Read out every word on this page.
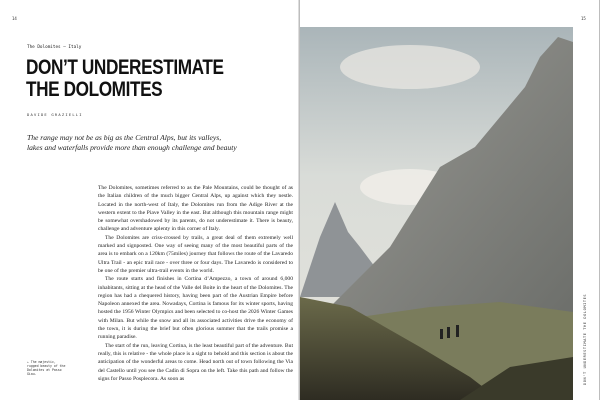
14
The Dolomites — Italy
DON’T UNDERESTIMATE
THE DOLOMITES
DAVIDE GRAZIELLI
The range may not be as big as the Central Alps, but its valleys, lakes and waterfalls provide more than enough challenge and beauty

The Dolomites, sometimes referred to as the Pale Mountains, could be thought of as the Italian children of the much bigger Central Alps, up against which they nestle. Located in the north-west of Italy, the Dolomites run from the Adige River at the western extent to the Piave Valley in the east. But although this mountain range might be somewhat overshadowed by its parents, do not underestimate it. There is beauty, challenge and adventure aplenty in this corner of Italy.

The Dolomites are criss-crossed by trails, a great deal of them extremely well marked and signposted. One way of seeing many of the most beautiful parts of the area is to embark on a 120km (75miles) journey that follows the route of the Lavaredo Ultra Trail - an epic trail race - over three or four days. The Lavaredo is considered to be one of the premier ultra-trail events in the world.

The route starts and finishes in Cortina d’Ampezzo, a town of around 6,000 inhabitants, sitting at the head of the Valle del Boite in the heart of the Dolomites. The region has had a chequered history, having been part of the Austrian Empire before Napoleon annexed the area. Nowadays, Cortina is famous for its winter sports, having hosted the 1956 Winter Olympics and been selected to co-host the 2026 Winter Games with Milan. But while the snow and all its associated activities drive the economy of the town, it is during the brief but often glorious summer that the trails promise a running paradise.

The start of the run, leaving Cortina, is the least beautiful part of the adventure. But really, this is relative - the whole place is a sight to behold and this section is about the anticipation of the wonderful areas to come. Head north out of town following the Via del Castello until you see the Cadin di Sopra on the left. Take this path and follow the signs for Passo Posplecora. As soon as

← The majestic, rugged beauty of the Dolomites at Passo Giau.
15
DON’T UNDERESTIMATE THE DOLOMITES
